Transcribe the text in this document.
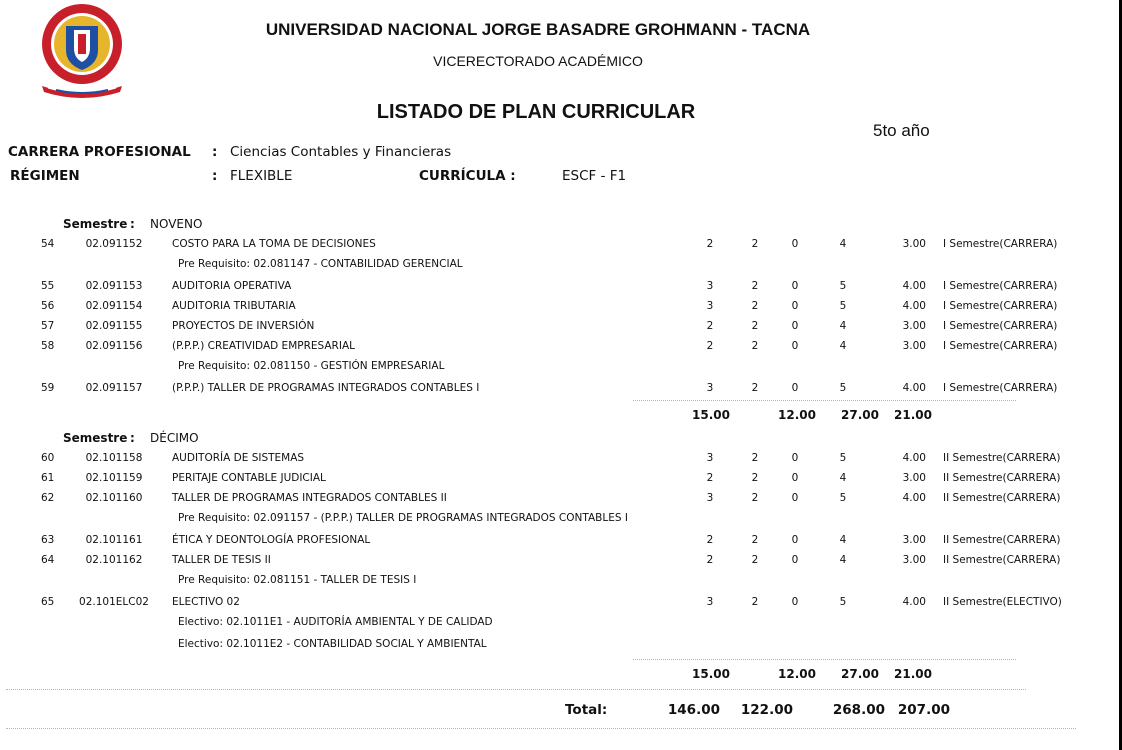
UNIVERSIDAD NACIONAL JORGE BASADRE GROHMANN - TACNA
VICERECTORADO ACADÉMICO
LISTADO DE PLAN CURRICULAR
5to año
CARRERA PROFESIONAL : Ciencias Contables y Financieras
RÉGIMEN	: FLEXIBLE	CURRÍCULA :	ESCF - F1
Semestre : NOVENO
54	02.091152	COSTO PARA LA TOMA DE DECISIONES	2	2	0	4	3.00 I Semestre(CARRERA)
Pre Requisito: 02.081147 - CONTABILIDAD GERENCIAL
55	02.091153	AUDITORIA OPERATIVA	3	2	0	5	4.00 I Semestre(CARRERA)
56	02.091154	AUDITORIA TRIBUTARIA	3	2	0	5	4.00 I Semestre(CARRERA)
57	02.091155	PROYECTOS DE INVERSIÓN	2	2	0	4	3.00 I Semestre(CARRERA)
58	02.091156	(P.P.P.) CREATIVIDAD EMPRESARIAL	2	2	0	4	3.00 I Semestre(CARRERA)
Pre Requisito: 02.081150 - GESTIÓN EMPRESARIAL
59	02.091157	(P.P.P.) TALLER DE PROGRAMAS INTEGRADOS CONTABLES I	3	2	0	5	4.00 I Semestre(CARRERA)
15.00	12.00 27.00 21.00
Semestre : DÉCIMO
60	02.101158	AUDITORÍA DE SISTEMAS	3	2	0	5	4.00 II Semestre(CARRERA)
61	02.101159	PERITAJE CONTABLE JUDICIAL	2	2	0	4	3.00 II Semestre(CARRERA)
62	02.101160	TALLER DE PROGRAMAS INTEGRADOS CONTABLES II	3	2	0	5	4.00 II Semestre(CARRERA)
Pre Requisito: 02.091157 - (P.P.P.) TALLER DE PROGRAMAS INTEGRADOS CONTABLES I
63	02.101161	ÉTICA Y DEONTOLOGÍA PROFESIONAL	2	2	0	4	3.00 II Semestre(CARRERA)
64	02.101162	TALLER DE TESIS II	2	2	0	4	3.00 II Semestre(CARRERA)
Pre Requisito: 02.081151 - TALLER DE TESIS I
65 02.101ELC02 ELECTIVO 02	3	2	0	5	4.00 II Semestre(ELECTIVO)
Electivo: 02.1011E1 - AUDITORÍA AMBIENTAL Y DE CALIDAD
Electivo: 02.1011E2 - CONTABILIDAD SOCIAL Y AMBIENTAL
15.00	12.00 27.00 21.00
Total:	146.00	122.00	268.00 207.00
